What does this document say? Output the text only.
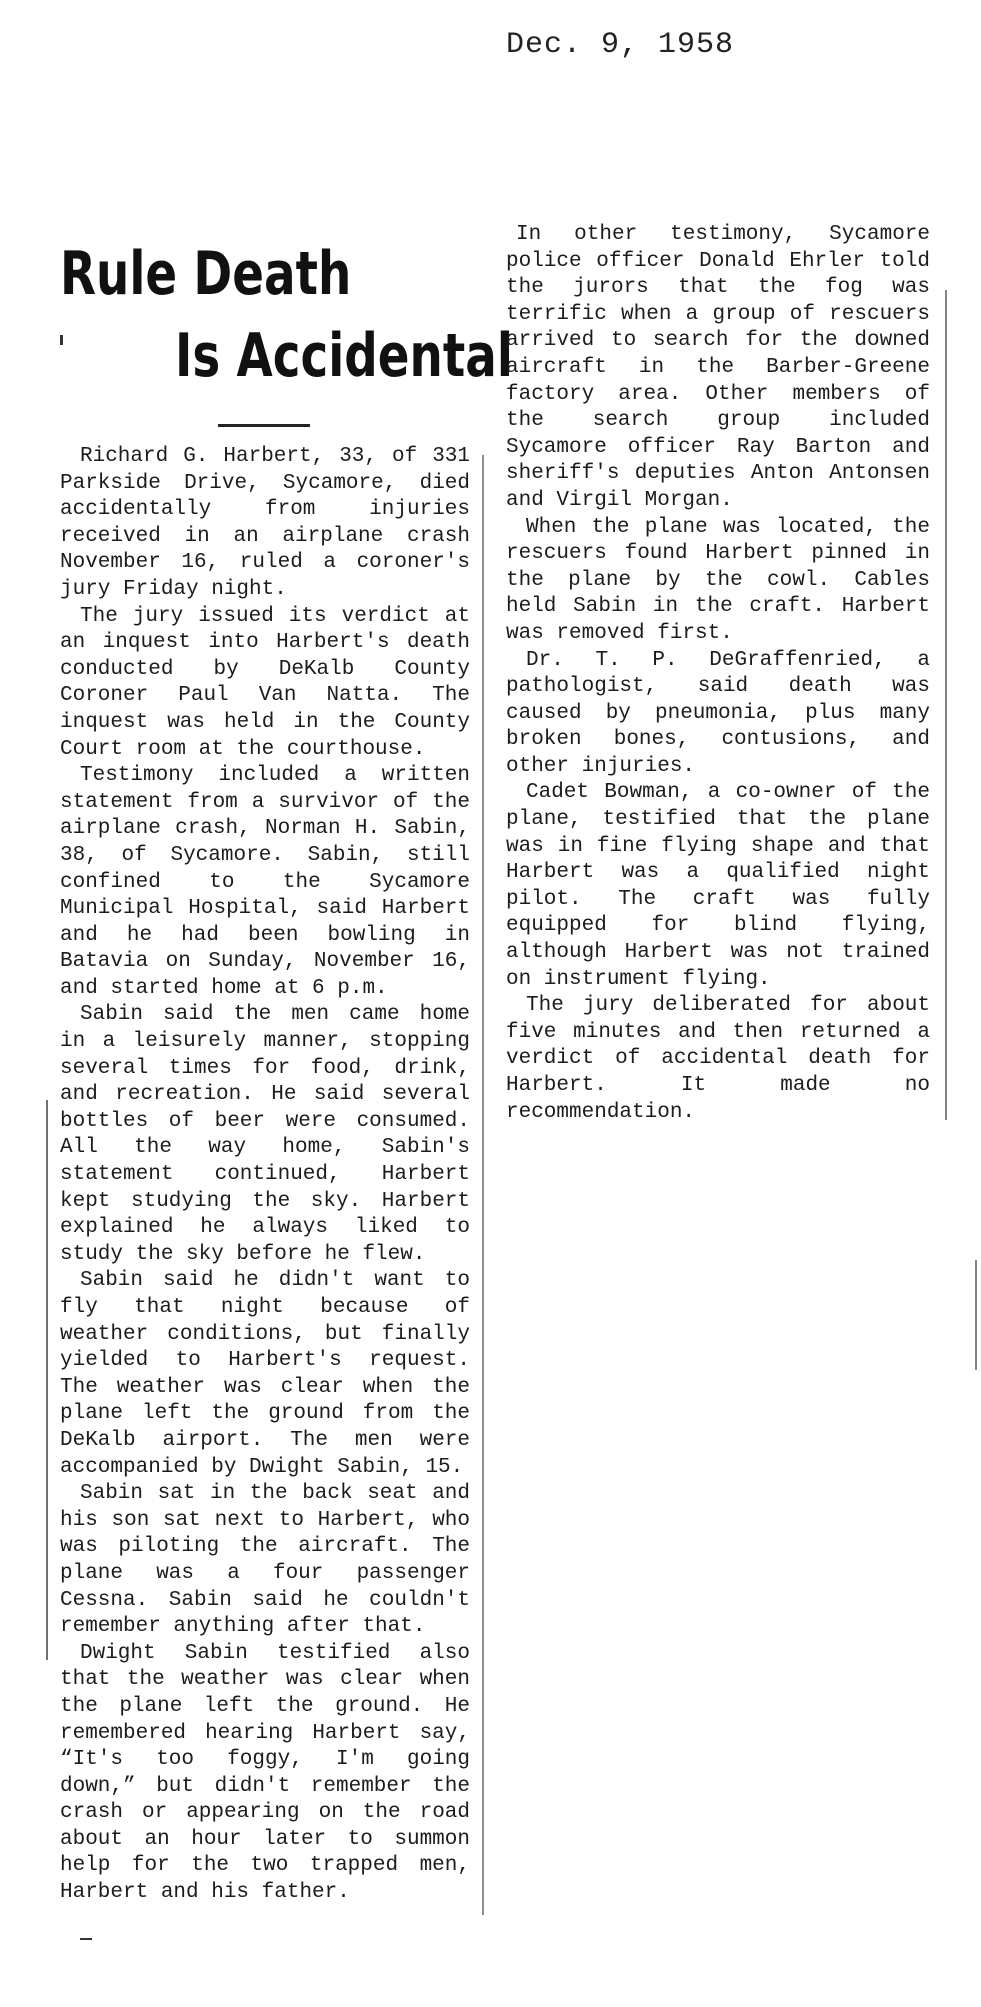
Dec. 9, 1958
Rule Death
Is Accidental

Richard G. Harbert, 33, of 331 Parkside Drive, Sycamore, died accidentally from injuries received in an airplane crash November 16, ruled a coroner's jury Friday night.

The jury issued its verdict at an inquest into Harbert's death conducted by DeKalb County Coroner Paul Van Natta. The inquest was held in the County Court room at the courthouse.

Testimony included a written statement from a survivor of the airplane crash, Norman H. Sabin, 38, of Sycamore. Sabin, still confined to the Sycamore Municipal Hospital, said Harbert and he had been bowling in Batavia on Sunday, November 16, and started home at 6 p.m.

Sabin said the men came home in a leisurely manner, stopping several times for food, drink, and recreation. He said several bottles of beer were consumed. All the way home, Sabin's statement continued, Harbert kept studying the sky. Harbert explained he always liked to study the sky before he flew.

Sabin said he didn't want to fly that night because of weather conditions, but finally yielded to Harbert's request. The weather was clear when the plane left the ground from the DeKalb airport. The men were accompanied by Dwight Sabin, 15.

Sabin sat in the back seat and his son sat next to Harbert, who was piloting the aircraft. The plane was a four passenger Cessna. Sabin said he couldn't remember anything after that.

Dwight Sabin testified also that the weather was clear when the plane left the ground. He remembered hearing Harbert say, “It's too foggy, I'm going down,” but didn't remember the crash or appearing on the road about an hour later to summon help for the two trapped men, Harbert and his father.

In other testimony, Sycamore police officer Donald Ehrler told the jurors that the fog was terrific when a group of rescuers arrived to search for the downed aircraft in the Barber-Greene factory area. Other members of the search group included Sycamore officer Ray Barton and sheriff's deputies Anton Antonsen and Virgil Morgan.

When the plane was located, the rescuers found Harbert pinned in the plane by the cowl. Cables held Sabin in the craft. Harbert was removed first.

Dr. T. P. DeGraffenried, a pathologist, said death was caused by pneumonia, plus many broken bones, contusions, and other injuries.

Cadet Bowman, a co-owner of the plane, testified that the plane was in fine flying shape and that Harbert was a qualified night pilot. The craft was fully equipped for blind flying, although Harbert was not trained on instrument flying.

The jury deliberated for about five minutes and then returned a verdict of accidental death for Harbert. It made no recommendation.
